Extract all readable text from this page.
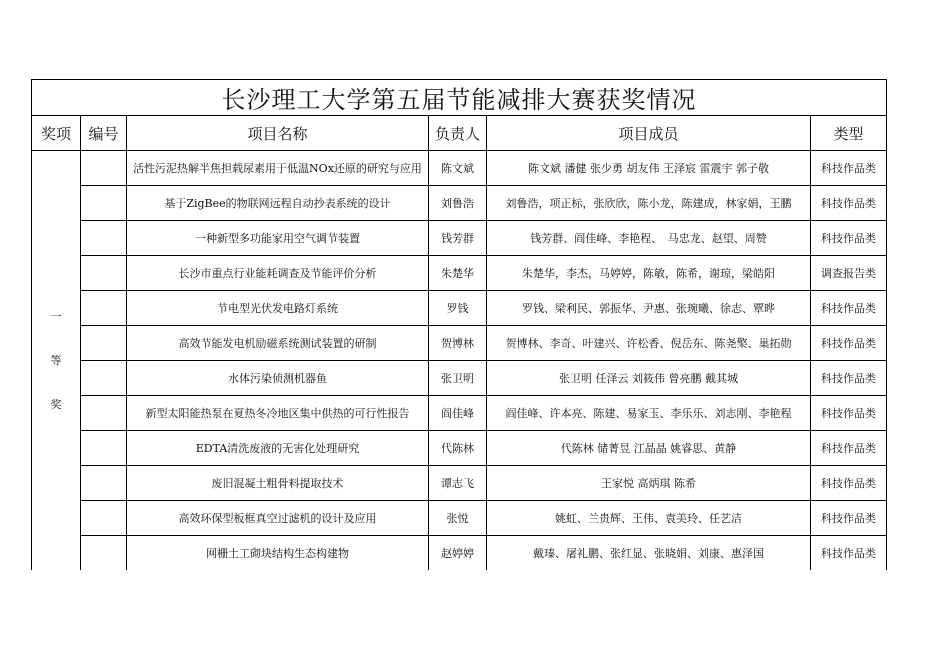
长沙理工大学第五届节能减排大赛获奖情况					
奖项	编号	项目名称	负责人	项目成员	类型

一
等
奖		活性污泥热解半焦担载尿素用于低温NOx还原的研究与应用	陈文斌	陈文斌 潘健 张少勇 胡友伟 王泽宸 雷震宇 郭子敬	科技作品类
		基于ZigBee的物联网远程自动抄表系统的设计	刘鲁浩	刘鲁浩，项正标，张欣欣，陈小龙，陈建成，林家娟，王鹏	科技作品类
		一种新型多功能家用空气调节装置	钱芳群	钱芳群、阎佳峰、李艳程、　马忠龙、赵望、周赞	科技作品类
		长沙市重点行业能耗调查及节能评价分析	朱楚华	朱楚华，李杰，马婷婷，陈敏，陈希，谢琼，梁皓阳	调查报告类
		节电型光伏发电路灯系统	罗钱	罗钱、梁利民、郭振华、尹惠、张琬曦、徐志、覃晔	科技作品类
		高效节能发电机励磁系统测试装置的研制	贺博林	贺博林、李奇、叶建兴、许松香、倪岳东、陈尧檠、巢拓勋	科技作品类
		水体污染侦测机器鱼	张卫明	张卫明 任泽云 刘筱伟 曾亮鹏 戴其城	科技作品类
		新型太阳能热泵在夏热冬冷地区集中供热的可行性报告	阎佳峰	阎佳峰、许本亮、陈建、易家玉、李乐乐、刘志刚、李艳程	科技作品类
		EDTA清洗废液的无害化处理研究	代陈林	代陈林 储菁昱 江晶晶 姚睿思、黄静	科技作品类
		废旧混凝土粗骨料提取技术	谭志飞	王家悦 高炳琪 陈希	科技作品类
		高效环保型板框真空过滤机的设计及应用	张悦	姚虹、兰贵辉、王伟、袁美玲、任艺洁	科技作品类
		网栅土工砌块结构生态构建物	赵婷婷	戴瑧、屠礼鹏、张红显、张晓娟、刘康、惠泽国	科技作品类
